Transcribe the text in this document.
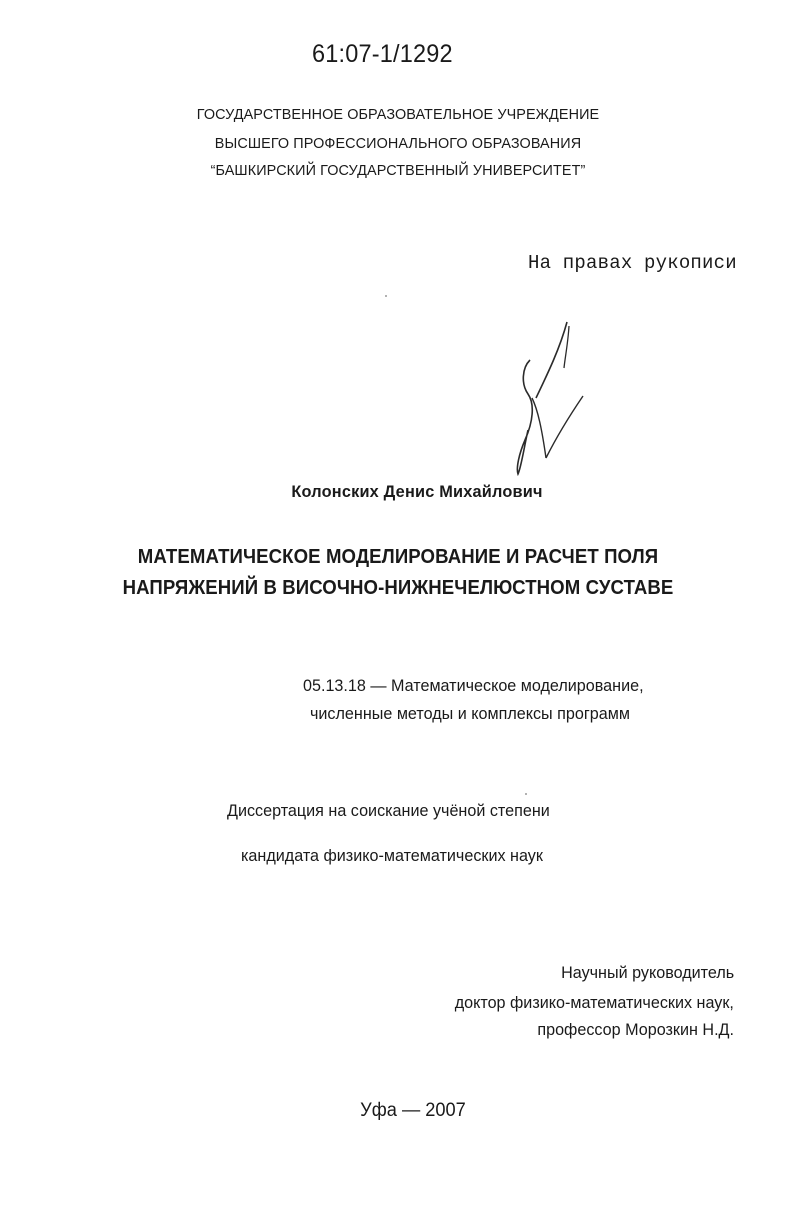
61:07-1/1292
ГОСУДАРСТВЕННОЕ ОБРАЗОВАТЕЛЬНОЕ УЧРЕЖДЕНИЕ
ВЫСШЕГО ПРОФЕССИОНАЛЬНОГО ОБРАЗОВАНИЯ
“БАШКИРСКИЙ ГОСУДАРСТВЕННЫЙ УНИВЕРСИТЕТ”
На правах рукописи
Колонских Денис Михайлович
МАТЕМАТИЧЕСКОЕ МОДЕЛИРОВАНИЕ И РАСЧЕТ ПОЛЯ
НАПРЯЖЕНИЙ В ВИСОЧНО-НИЖНЕЧЕЛЮСТНОМ СУСТАВЕ
05.13.18 — Математическое моделирование,
численные методы и комплексы программ
Диссертация на соискание учёной степени
кандидата физико-математических наук
Научный руководитель
доктор физико-математических наук,
профессор Морозкин Н.Д.
Уфа — 2007
